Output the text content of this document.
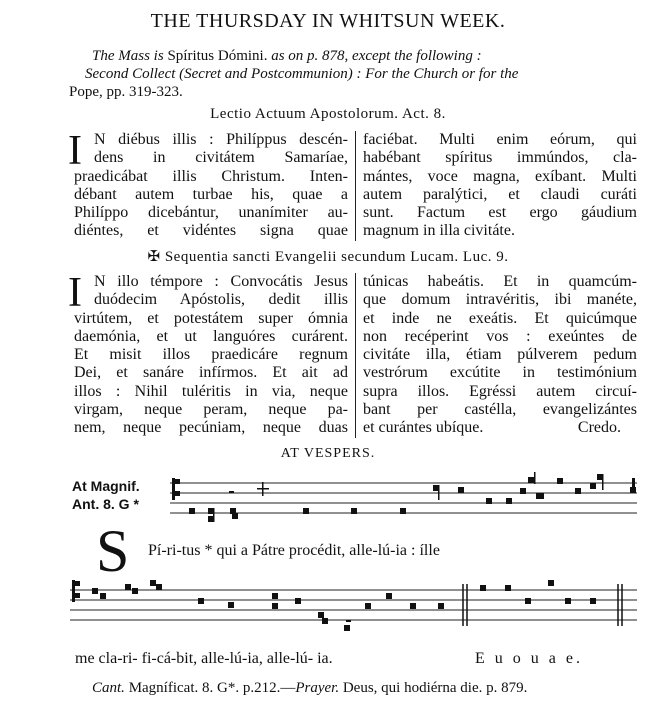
THE THURSDAY IN WHITSUN WEEK.
The Mass is Spíritus Dómini. as on p. 878, except the following :
Second Collect (Secret and Postcommunion) : For the Church or for the
Pope, pp. 319-323.
Lectio Actuum Apostolorum. Act. 8.
I N diébus illis : Philíppus descén-
dens in civitátem Samaríae,
praedicábat illis Christum. Inten-
débant autem turbae his, quae a
Philíppo dicebántur, unanímiter au-
diéntes, et vidéntes signa quae
faciébat. Multi enim eórum, qui
habébant spíritus immúndos, cla-
mántes, voce magna, exíbant. Multi
autem paralýtici, et claudi curáti
sunt. Factum est ergo gáudium
magnum in illa civitáte.
✠ Sequentia sancti Evangelii secundum Lucam. Luc. 9.
I N illo témpore : Convocátis Jesus
duódecim Apóstolis, dedit illis
virtútem, et potestátem super ómnia
daemónia, et ut languóres curárent.
Et misit illos praedicáre regnum
Dei, et sanáre infírmos. Et ait ad
illos : Nihil tuléritis in via, neque
virgam, neque peram, neque pa-
nem, neque pecúniam, neque duas
túnicas habeátis. Et in quamcúm-
que domum intravéritis, ibi manéte,
et inde ne exeátis. Et quicúmque
non recéperint vos : exeúntes de
civitáte illa, étiam púlverem pedum
vestrórum excútite in testimónium
supra illos. Egréssi autem circuí-
bant per castélla, evangelizántes
et curántes ubíque.	Credo.
AT VESPERS.
At Magnif.
Ant. 8. G *
S Pí-ri-tus * qui a Pátre procédit, alle-lú-ia : ílle
me cla-ri- fi-cá-bit, alle-lú-ia, alle-lú- ia.	E u o u a e.
Cant. Magníficat. 8. G*. p.212.—Prayer. Deus, qui hodiérna die. p. 879.
